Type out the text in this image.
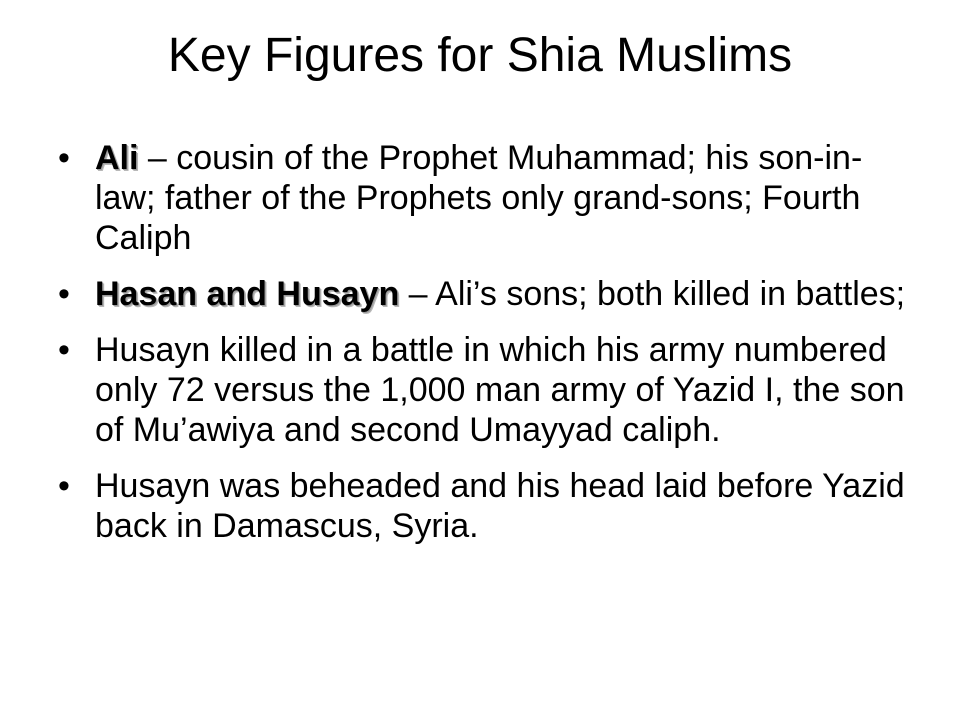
Key Figures for Shia Muslims
• Ali – cousin of the Prophet Muhammad; his son-in-law; father of the Prophets only grand-sons; Fourth Caliph
• Hasan and Husayn – Ali’s sons; both killed in battles;
• Husayn killed in a battle in which his army numbered only 72 versus the 1,000 man army of Yazid I, the son of Mu’awiya and second Umayyad caliph.
• Husayn was beheaded and his head laid before Yazid back in Damascus, Syria.
